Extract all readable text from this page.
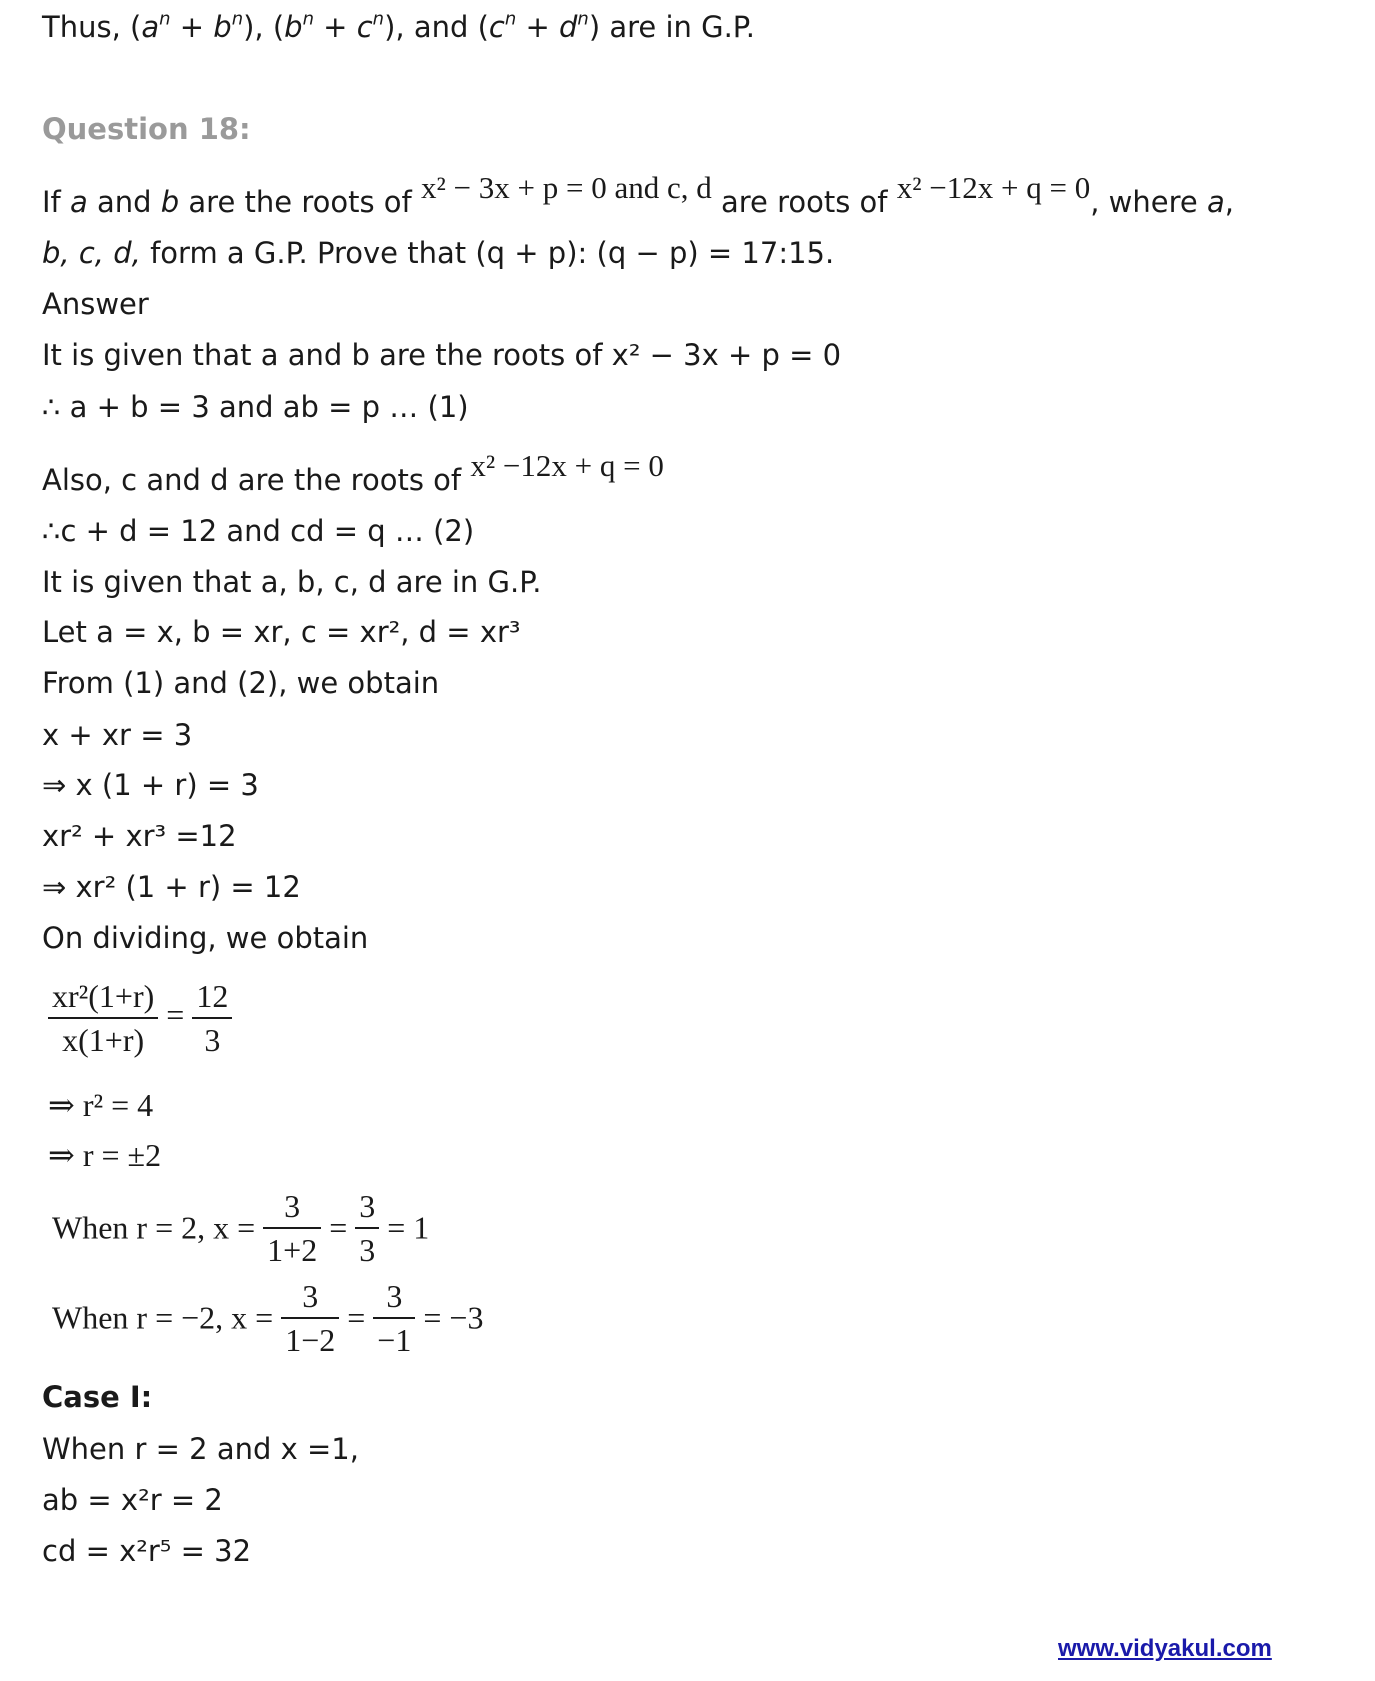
Thus, $(a^n + b^n)$, $(b^n + c^n)$, and $(c^n + d^n)$ are in G.P.
Question 18:
If a and b are the roots of x² − 3x + p = 0 and c, d are roots of x² −12x + q = 0, where a,
b, c, d, form a G.P. Prove that (q + p): (q − p) = 17:15.
Answer
It is given that a and b are the roots of x² − 3x + p = 0
∴ a + b = 3 and ab = p … (1)
Also, c and d are the roots of x² −12x + q = 0
∴c + d = 12 and cd = q … (2)
It is given that a, b, c, d are in G.P.
Let a = x, b = xr, c = xr², d = xr³
From (1) and (2), we obtain
x + xr = 3
⇒ x (1 + r) = 3
xr² + xr³ =12
⇒ xr² (1 + r) = 12
On dividing, we obtain
$\frac{\text{xr²(1+r)}}{x(1+r)} = \frac{12}{3}$
⇒ r² = 4
⇒ r = ±2
When r = 2, $x = \frac{3}{1+2} = \frac{3}{3} = 1$
When r = −2, $x = \frac{3}{1-2} = \frac{3}{-1} = -3$
Case I:
When r = 2 and x =1,
ab = x²r = 2
cd = x²r⁵ = 32
www.vidyakul.com
